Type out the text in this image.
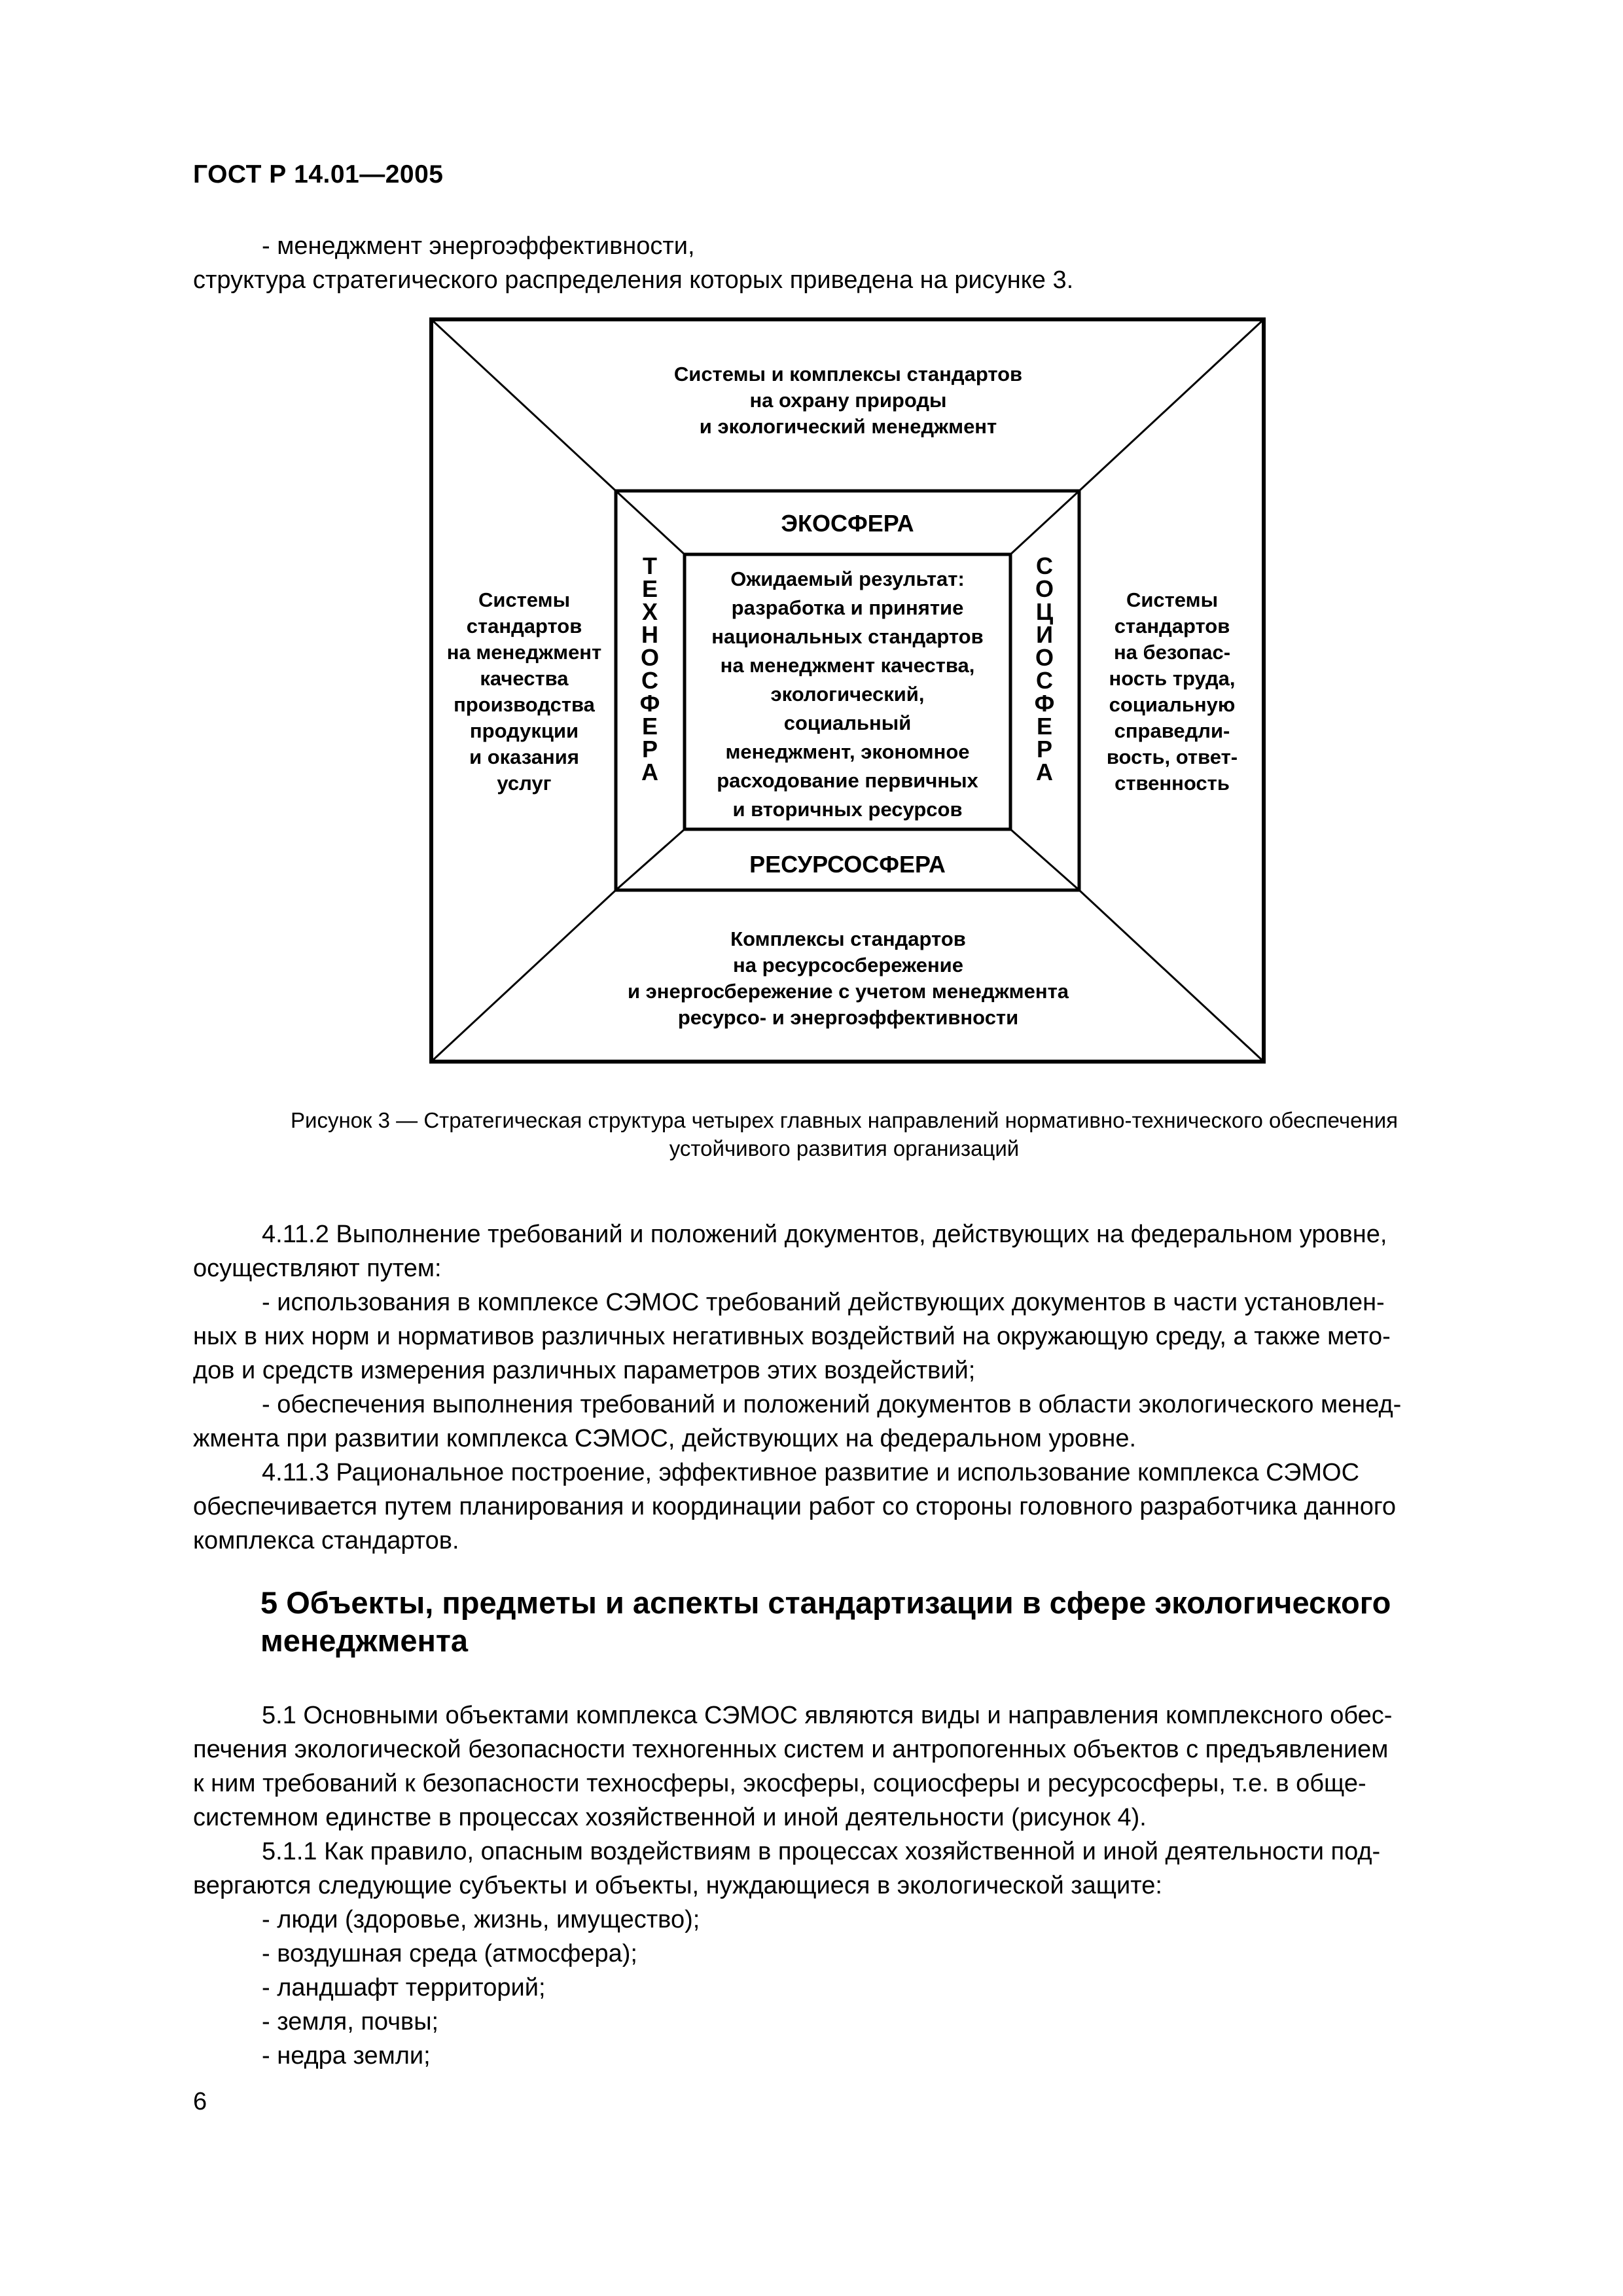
ГОСТ Р 14.01—2005
- менеджмент энергоэффективности,
структура стратегического распределения которых приведена на рисунке 3.
Системы и комплексы стандартов
на охрану природы
и экологический менеджмент
Системы
стандартов
на менеджмент
качества
производства
продукции
и оказания
услуг
Системы
стандартов
на безопас-
ность труда,
социальную
справедли-
вость, ответ-
ственность
Комплексы стандартов
на ресурсосбережение
и энергосбережение с учетом менеджмента
ресурсо- и энергоэффективности
ЭКОСФЕРА
РЕСУРСОСФЕРА
Т
Е
Х
Н
О
С
Ф
Е
Р
А
С
О
Ц
И
О
С
Ф
Е
Р
А
Ожидаемый результат:
разработка и принятие
национальных стандартов
на менеджмент качества,
экологический,
социальный
менеджмент, экономное
расходование первичных
и вторичных ресурсов
Рисунок 3 — Стратегическая структура четырех главных направлений нормативно-технического обеспечения
устойчивого развития организаций
4.11.2 Выполнение требований и положений документов, действующих на федеральном уровне,
осуществляют путем:
- использования в комплексе СЭМОС требований действующих документов в части установлен-
ных в них норм и нормативов различных негативных воздействий на окружающую среду, а также мето-
дов и средств измерения различных параметров этих воздействий;
- обеспечения выполнения требований и положений документов в области экологического менед-
жмента при развитии комплекса СЭМОС, действующих на федеральном уровне.
4.11.3 Рациональное построение, эффективное развитие и использование комплекса СЭМОС
обеспечивается путем планирования и координации работ со стороны головного разработчика данного
комплекса стандартов.
5 Объекты, предметы и аспекты стандартизации в сфере экологического
менеджмента
5.1 Основными объектами комплекса СЭМОС являются виды и направления комплексного обес-
печения экологической безопасности техногенных систем и антропогенных объектов с предъявлением
к ним требований к безопасности техносферы, экосферы, социосферы и ресурсосферы, т.е. в обще-
системном единстве в процессах хозяйственной и иной деятельности (рисунок 4).
5.1.1 Как правило, опасным воздействиям в процессах хозяйственной и иной деятельности под-
вергаются следующие субъекты и объекты, нуждающиеся в экологической защите:
- люди (здоровье, жизнь, имущество);
- воздушная среда (атмосфера);
- ландшафт территорий;
- земля, почвы;
- недра земли;
6
